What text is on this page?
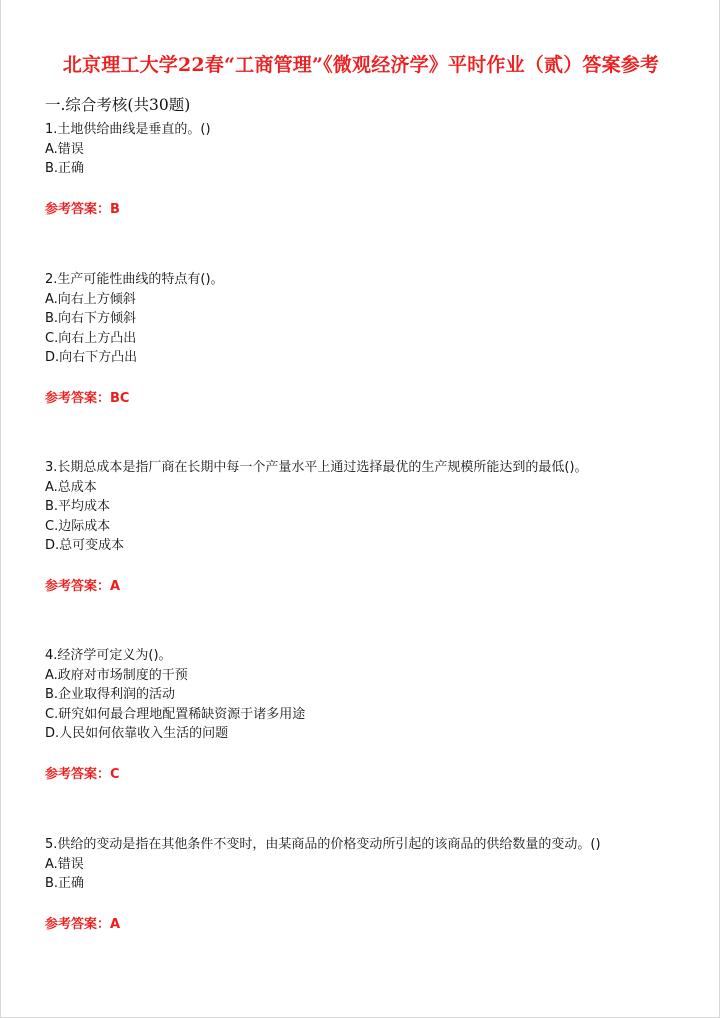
北京理工大学22春“工商管理”《微观经济学》平时作业（贰）答案参考
一.综合考核(共30题)
1.土地供给曲线是垂直的。()
A.错误
B.正确
参考答案：B
2.生产可能性曲线的特点有()。
A.向右上方倾斜
B.向右下方倾斜
C.向右上方凸出
D.向右下方凸出
参考答案：BC
3.长期总成本是指厂商在长期中每一个产量水平上通过选择最优的生产规模所能达到的最低()。
A.总成本
B.平均成本
C.边际成本
D.总可变成本
参考答案：A
4.经济学可定义为()。
A.政府对市场制度的干预
B.企业取得利润的活动
C.研究如何最合理地配置稀缺资源于诸多用途
D.人民如何依靠收入生活的问题
参考答案：C
5.供给的变动是指在其他条件不变时，由某商品的价格变动所引起的该商品的供给数量的变动。()
A.错误
B.正确
参考答案：A
